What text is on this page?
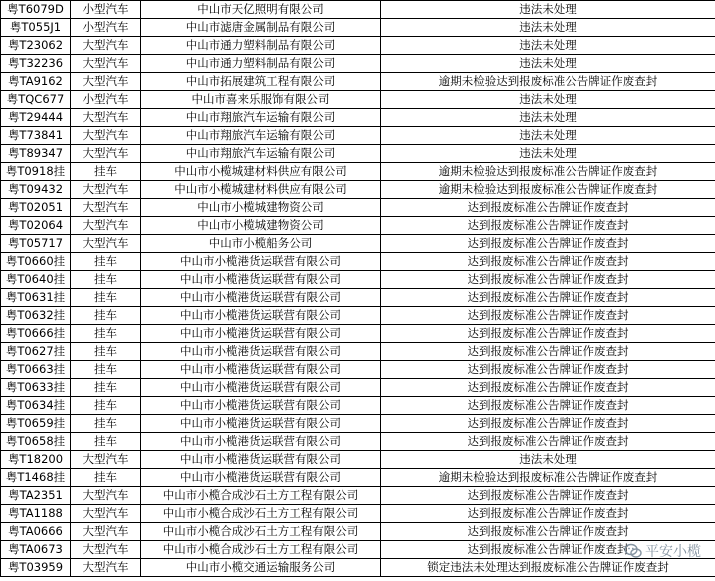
粤T6079D	小型汽车	中山市天亿照明有限公司	违法未处理
粤T055J1	小型汽车	中山市滤唐金属制品有限公司	违法未处理
粤T23062	大型汽车	中山市通力塑料制品有限公司	违法未处理
粤T32236	大型汽车	中山市通力塑料制品有限公司	违法未处理
粤TA9162	大型汽车	中山市拓展建筑工程有限公司	逾期未检验达到报废标准公告牌证作废查封
粤TQC677	小型汽车	中山市喜来乐服饰有限公司	违法未处理
粤T29444	大型汽车	中山市翔旅汽车运输有限公司	违法未处理
粤T73841	大型汽车	中山市翔旅汽车运输有限公司	违法未处理
粤T89347	大型汽车	中山市翔旅汽车运输有限公司	违法未处理
粤T0918挂	挂车	中山市小榄城建材料供应有限公司	逾期未检验达到报废标准公告牌证作废查封
粤T09432	大型汽车	中山市小榄城建材料供应有限公司	逾期未检验达到报废标准公告牌证作废查封
粤T02051	大型汽车	中山市小榄城建物资公司	达到报废标准公告牌证作废查封
粤T02064	大型汽车	中山市小榄城建物资公司	达到报废标准公告牌证作废查封
粤T05717	大型汽车	中山市小榄船务公司	达到报废标准公告牌证作废查封
粤T0660挂	挂车	中山市小榄港货运联营有限公司	达到报废标准公告牌证作废查封
粤T0640挂	挂车	中山市小榄港货运联营有限公司	达到报废标准公告牌证作废查封
粤T0631挂	挂车	中山市小榄港货运联营有限公司	达到报废标准公告牌证作废查封
粤T0632挂	挂车	中山市小榄港货运联营有限公司	达到报废标准公告牌证作废查封
粤T0666挂	挂车	中山市小榄港货运联营有限公司	达到报废标准公告牌证作废查封
粤T0627挂	挂车	中山市小榄港货运联营有限公司	达到报废标准公告牌证作废查封
粤T0663挂	挂车	中山市小榄港货运联营有限公司	达到报废标准公告牌证作废查封
粤T0633挂	挂车	中山市小榄港货运联营有限公司	达到报废标准公告牌证作废查封
粤T0634挂	挂车	中山市小榄港货运联营有限公司	达到报废标准公告牌证作废查封
粤T0659挂	挂车	中山市小榄港货运联营有限公司	达到报废标准公告牌证作废查封
粤T0658挂	挂车	中山市小榄港货运联营有限公司	达到报废标准公告牌证作废查封
粤T18200	大型汽车	中山市小榄港货运联营有限公司	违法未处理
粤T1468挂	挂车	中山市小榄港货运联营有限公司	逾期未检验达到报废标准公告牌证作废查封
粤TA2351	大型汽车	中山市小榄合成沙石土方工程有限公司	达到报废标准公告牌证作废查封
粤TA1188	大型汽车	中山市小榄合成沙石土方工程有限公司	达到报废标准公告牌证作废查封
粤TA0666	大型汽车	中山市小榄合成沙石土方工程有限公司	达到报废标准公告牌证作废查封
粤TA0673	大型汽车	中山市小榄合成沙石土方工程有限公司	达到报废标准公告牌证作废查封
粤T03959	大型汽车	中山市小榄交通运输服务公司	锁定违法未处理达到报废标准公告牌证作废查封
平安小榄
